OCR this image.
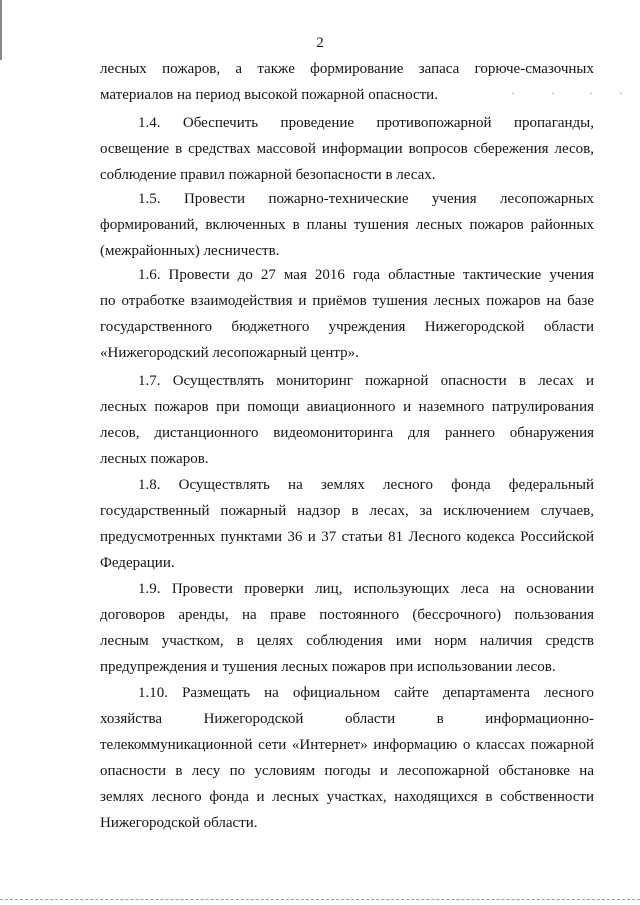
2
лесных пожаров, а также формирование запаса горюче-смазочных
материалов на период высокой пожарной опасности.
1.4. Обеспечить проведение противопожарной пропаганды,
освещение в средствах массовой информации вопросов сбережения лесов,
соблюдение правил пожарной безопасности в лесах.
1.5. Провести пожарно-технические учения лесопожарных
формирований, включенных в планы тушения лесных пожаров районных
(межрайонных) лесничеств.
1.6. Провести до 27 мая 2016 года областные тактические учения
по отработке взаимодействия и приёмов тушения лесных пожаров на базе
государственного бюджетного учреждения Нижегородской области
«Нижегородский лесопожарный центр».
1.7. Осуществлять мониторинг пожарной опасности в лесах и
лесных пожаров при помощи авиационного и наземного патрулирования
лесов, дистанционного видеомониторинга для раннего обнаружения
лесных пожаров.
1.8. Осуществлять на землях лесного фонда федеральный
государственный пожарный надзор в лесах, за исключением случаев,
предусмотренных пунктами 36 и 37 статьи 81 Лесного кодекса Российской
Федерации.
1.9. Провести проверки лиц, использующих леса на основании
договоров аренды, на праве постоянного (бессрочного) пользования
лесным участком, в целях соблюдения ими норм наличия средств
предупреждения и тушения лесных пожаров при использовании лесов.
1.10. Размещать на официальном сайте департамента лесного
хозяйства Нижегородской области в информационно-
телекоммуникационной сети «Интернет» информацию о классах пожарной
опасности в лесу по условиям погоды и лесопожарной обстановке на
землях лесного фонда и лесных участках, находящихся в собственности
Нижегородской области.
